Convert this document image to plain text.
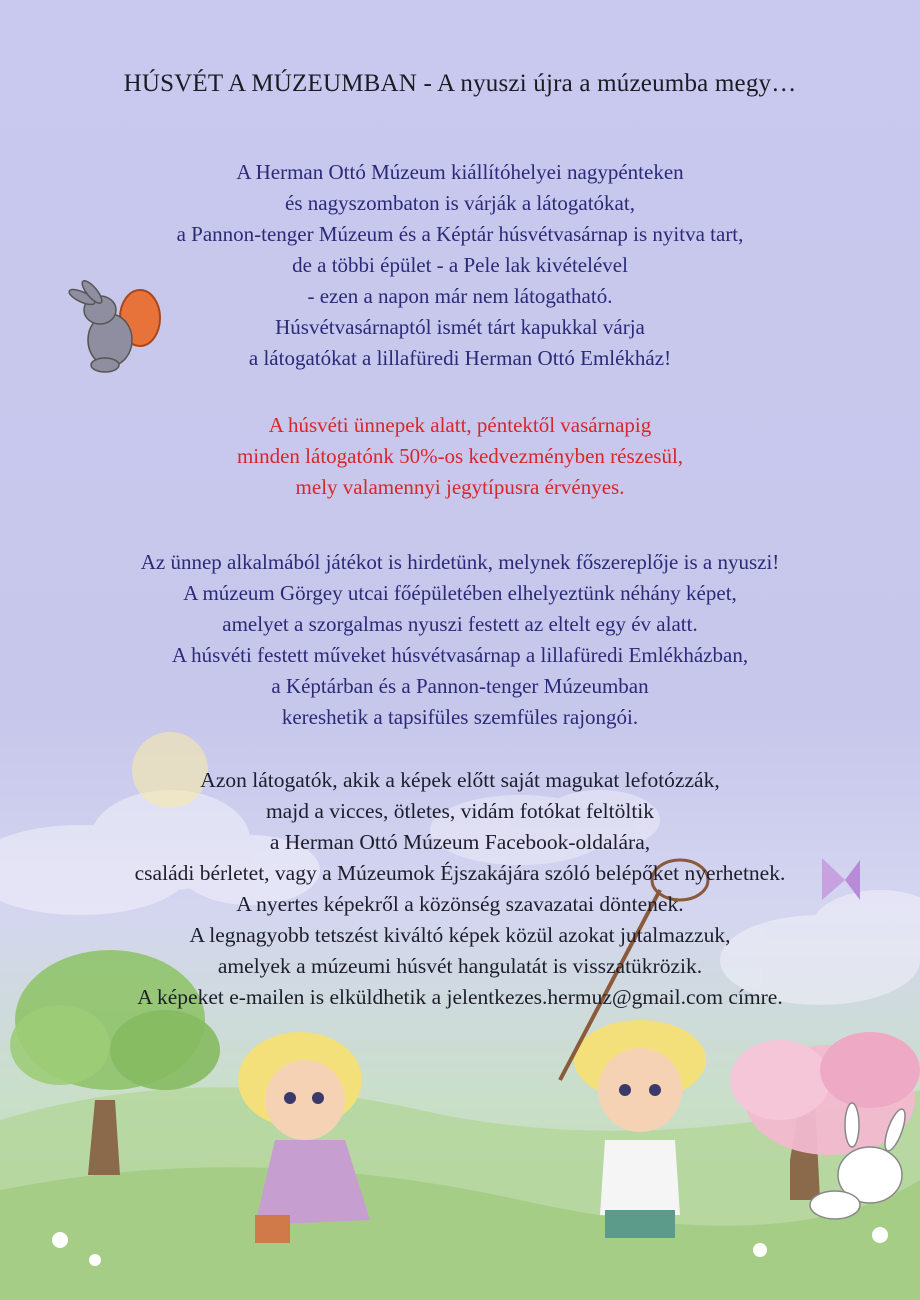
HÚSVÉT A MÚZEUMBAN - A nyuszi újra a múzeumba megy…
A Herman Ottó Múzeum kiállítóhelyei nagypénteken
és nagyszombaton is várják a látogatókat,
a Pannon-tenger Múzeum és a Képtár húsvétvasárnap is nyitva tart,
de a többi épület - a Pele lak kivételével
- ezen a napon már nem látogatható.
Húsvétvasárnaptól ismét tárt kapukkal várja
a látogatókat a lillafüredi Herman Ottó Emlékház!
A húsvéti ünnepek alatt, péntektől vasárnapig
minden látogatónk 50%-os kedvezményben részesül,
mely valamennyi jegytípusra érvényes.
Az ünnep alkalmából játékot is hirdetünk, melynek főszereplője is a nyuszi!
A múzeum Görgey utcai főépületében elhelyeztünk néhány képet,
amelyet a szorgalmas nyuszi festett az eltelt egy év alatt.
A húsvéti festett műveket húsvétvasárnap a lillafüredi Emlékházban,
a Képtárban és a Pannon-tenger Múzeumban
kereshetik a tapsifüles szemfüles rajongói.
Azon látogatók, akik a képek előtt saját magukat lefotózzák,
majd a vicces, ötletes, vidám fotókat feltöltik
a Herman Ottó Múzeum Facebook-oldalára,
családi bérletet, vagy a Múzeumok Éjszakájára szóló belépőket nyerhetnek.
A nyertes képekről a közönség szavazatai döntenek.
A legnagyobb tetszést kiváltó képek közül azokat jutalmazzuk,
amelyek a múzeumi húsvét hangulatát is visszatükrözik.
A képeket e-mailen is elküldhetik a jelentkezes.hermuz@gmail.com címre.
